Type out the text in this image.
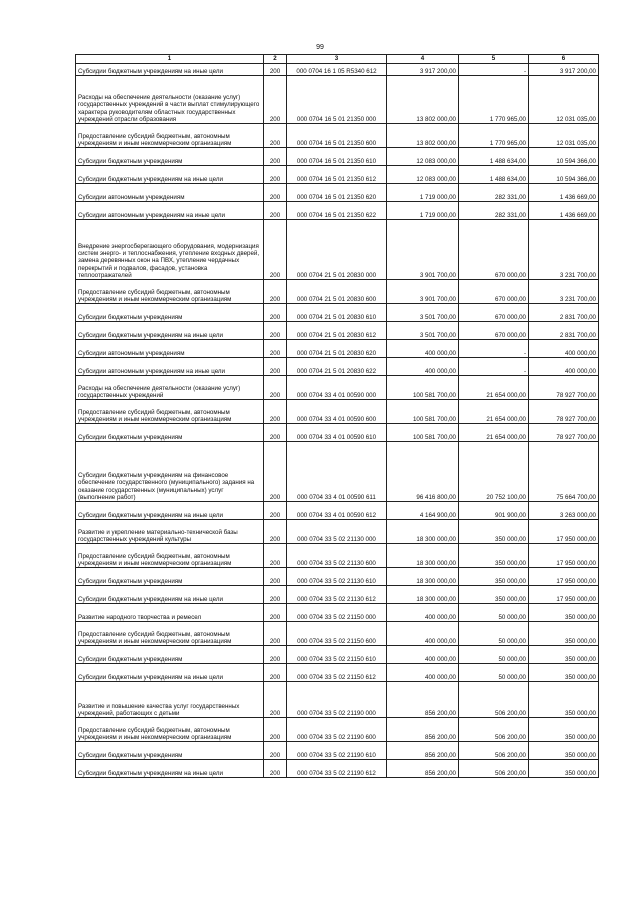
99
1	2	3	4	5	6
Субсидии бюджетным учреждениям на иные цели	200	000 0704 16 1 05 R5340 612	3 917 200,00	-	3 917 200,00
Расходы на обеспечение деятельности (оказание услуг) государственных учреждений в части выплат стимулирующего характера руководителям областных государственных учреждений отрасли образования	200	000 0704 16 5 01 21350 000	13 802 000,00	1 770 965,00	12 031 035,00
Предоставление субсидий бюджетным, автономным учреждениям и иным некоммерческим организациям	200	000 0704 16 5 01 21350 600	13 802 000,00	1 770 965,00	12 031 035,00
Субсидии бюджетным учреждениям	200	000 0704 16 5 01 21350 610	12 083 000,00	1 488 634,00	10 594 366,00
Субсидии бюджетным учреждениям на иные цели	200	000 0704 16 5 01 21350 612	12 083 000,00	1 488 634,00	10 594 366,00
Субсидии автономным учреждениям	200	000 0704 16 5 01 21350 620	1 719 000,00	282 331,00	1 436 669,00
Субсидии автономным учреждениям на иные цели	200	000 0704 16 5 01 21350 622	1 719 000,00	282 331,00	1 436 669,00
Внедрение энергосберегающего оборудования, модернизация систем энерго- и теплоснабжения, утепление входных дверей, замена деревянных окон на ПВХ, утепление чердачных перекрытий и подвалов, фасадов, установка теплоотражателей	200	000 0704 21 5 01 20830 000	3 901 700,00	670 000,00	3 231 700,00
Предоставление субсидий бюджетным, автономным учреждениям и иным некоммерческим организациям	200	000 0704 21 5 01 20830 600	3 901 700,00	670 000,00	3 231 700,00
Субсидии бюджетным учреждениям	200	000 0704 21 5 01 20830 610	3 501 700,00	670 000,00	2 831 700,00
Субсидии бюджетным учреждениям на иные цели	200	000 0704 21 5 01 20830 612	3 501 700,00	670 000,00	2 831 700,00
Субсидии автономным учреждениям	200	000 0704 21 5 01 20830 620	400 000,00	-	400 000,00
Субсидии автономным учреждениям на иные цели	200	000 0704 21 5 01 20830 622	400 000,00	-	400 000,00
Расходы на обеспечение деятельности (оказание услуг) государственных учреждений	200	000 0704 33 4 01 00590 000	100 581 700,00	21 654 000,00	78 927 700,00
Предоставление субсидий бюджетным, автономным учреждениям и иным некоммерческим организациям	200	000 0704 33 4 01 00590 600	100 581 700,00	21 654 000,00	78 927 700,00
Субсидии бюджетным учреждениям	200	000 0704 33 4 01 00590 610	100 581 700,00	21 654 000,00	78 927 700,00
Субсидии бюджетным учреждениям на финансовое обеспечение государственного (муниципального) задания на оказание государственных (муниципальных) услуг (выполнение работ)	200	000 0704 33 4 01 00590 611	96 416 800,00	20 752 100,00	75 664 700,00
Субсидии бюджетным учреждениям на иные цели	200	000 0704 33 4 01 00590 612	4 164 900,00	901 900,00	3 263 000,00
Развитие и укрепление материально-технической базы государственных учреждений культуры	200	000 0704 33 5 02 21130 000	18 300 000,00	350 000,00	17 950 000,00
Предоставление субсидий бюджетным, автономным учреждениям и иным некоммерческим организациям	200	000 0704 33 5 02 21130 600	18 300 000,00	350 000,00	17 950 000,00
Субсидии бюджетным учреждениям	200	000 0704 33 5 02 21130 610	18 300 000,00	350 000,00	17 950 000,00
Субсидии бюджетным учреждениям на иные цели	200	000 0704 33 5 02 21130 612	18 300 000,00	350 000,00	17 950 000,00
Развитие народного творчества и ремесел	200	000 0704 33 5 02 21150 000	400 000,00	50 000,00	350 000,00
Предоставление субсидий бюджетным, автономным учреждениям и иным некоммерческим организациям	200	000 0704 33 5 02 21150 600	400 000,00	50 000,00	350 000,00
Субсидии бюджетным учреждениям	200	000 0704 33 5 02 21150 610	400 000,00	50 000,00	350 000,00
Субсидии бюджетным учреждениям на иные цели	200	000 0704 33 5 02 21150 612	400 000,00	50 000,00	350 000,00
Развитие и повышение качества услуг государственных учреждений, работающих с детьми	200	000 0704 33 5 02 21190 000	856 200,00	506 200,00	350 000,00
Предоставление субсидий бюджетным, автономным учреждениям и иным некоммерческим организациям	200	000 0704 33 5 02 21190 600	856 200,00	506 200,00	350 000,00
Субсидии бюджетным учреждениям	200	000 0704 33 5 02 21190 610	856 200,00	506 200,00	350 000,00
Субсидии бюджетным учреждениям на иные цели	200	000 0704 33 5 02 21190 612	856 200,00	506 200,00	350 000,00
